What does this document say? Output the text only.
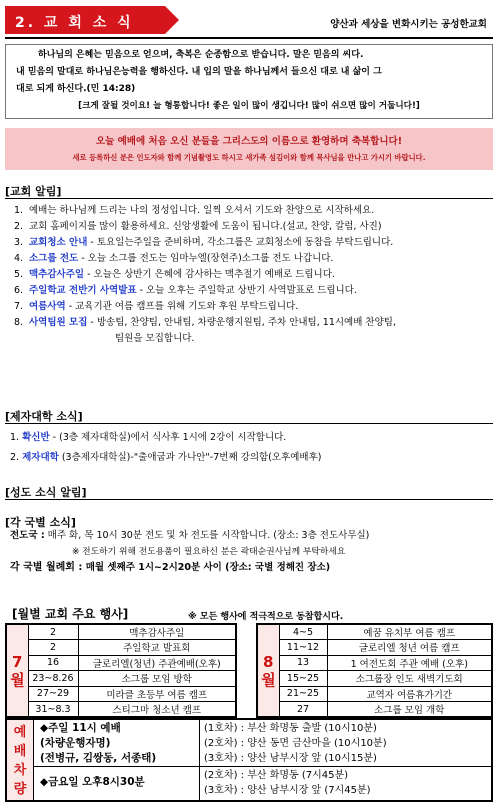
2. 교 회 소 식	양산과 세상을 변화시키는 공성한교회
하나님의 은혜는 믿음으로 얻으며, 축복은 순종함으로 받습니다. 말은 믿음의 씨다.
내 믿음의 말대로 하나님은능력을 행하신다. 내 입의 말을 하나님께서 들으신 대로 내 삶이 그
대로 되게 하신다.(민 14:28)
[크게 잘될 것이요! 늘 형통합니다! 좋은 일이 많이 생깁니다! 많이 쉬으면 많이 거둡니다!]
오늘 예배에 처음 오신 분들을 그리스도의 이름으로 환영하며 축복합니다!
새로 등록하신 분은 인도자와 함께 기념촬영도 하시고 새가족 섬김이와 함께 목사님을 만나고 가시기 바랍니다.
[교회 알림]
1. 예배는 하나님께 드리는 나의 정성입니다. 일찍 오셔서 기도와 찬양으로 시작하세요.
2. 교회 홈페이지를 많이 활용하세요. 신앙생활에 도움이 됩니다.(설교, 찬양, 칼럼, 사진)
3. 교회청소 안내 - 토요일는주일을 준비하며, 각소그룹은 교회청소에 동참을 부탁드립니다.
4. 소그룹 전도 - 오늘 소그룹 전도는 임마누엘(장현주)소그룹 전도 나갑니다.
5. 맥추감사주일 - 오늘은 상반기 은혜에 감사하는 맥추절기 예배로 드립니다.
6. 주일학교 전반기 사역발표 - 오늘 오후는 주일학교 상반기 사역발표로 드립니다.
7. 여름사역 - 교육기관 여름 캠프를 위해 기도와 후원 부탁드립니다.
8. 사역팀원 모집 - 방송팀, 찬양팀, 안내팀, 차량운행지원팀, 주차 안내팀, 11시예배 찬양팀,
팀원을 모집합니다.
[제자대학 소식]
1. 확신반 - (3층 제자대학실)에서 식사후 1시에 2강이 시작합니다.
2. 제자대학 (3층제자대학실)-"출애굽과 가나안"-7번째 강의함(오후예배후)
[성도 소식 알림]
[각 국별 소식]
전도국 : 매주 화, 목 10시 30분 전도 및 차 전도를 시작합니다. (장소: 3층 전도사무실)
※ 전도하기 위해 전도용품이 필요하신 분은 곽태순권사님께 부탁하세요
각 국별 월례회 : 매월 셋째주 1시~2시20분 사이 (장소: 국별 정해진 장소)
[월별 교회 주요 행사]	※ 모든 행사에 적극적으로 동참합시다.
7월	2	맥추감사주일
	2	주일학교 발표회
	16	글로리엘(청년) 주관예배(오후)
	23~8.26	소그룹 모임 방학
	27~29	미라클 초등부 여름 캠프
	31~8.3	스티그마 청소년 캠프
8월	4~5	예꿈 유치부 여름 캠프
	11~12	글로리엘 청년 여름 캠프
	13	1 여전도회 주관 예배 (오후)
	15~25	소그룹장 인도 새벽기도회
	21~25	교역자 여름휴가기간
	27	소그룹 모임 개학
예배차량
◆주일 11시 예배
(차량운행자명)
(전병규, 김쌍동, 서종태)
(1호차) : 부산 화명동 출발 (10시10분)
(2호차) : 양산 동면 금산마을 (10시10분)
(3호차) : 양산 남부시장 앞 (10시15분)
◆금요일 오후8시30분
(2호차) : 부산 화명동 (7시45분)
(3호차) : 양산 남부시장 앞 (7시45분)
